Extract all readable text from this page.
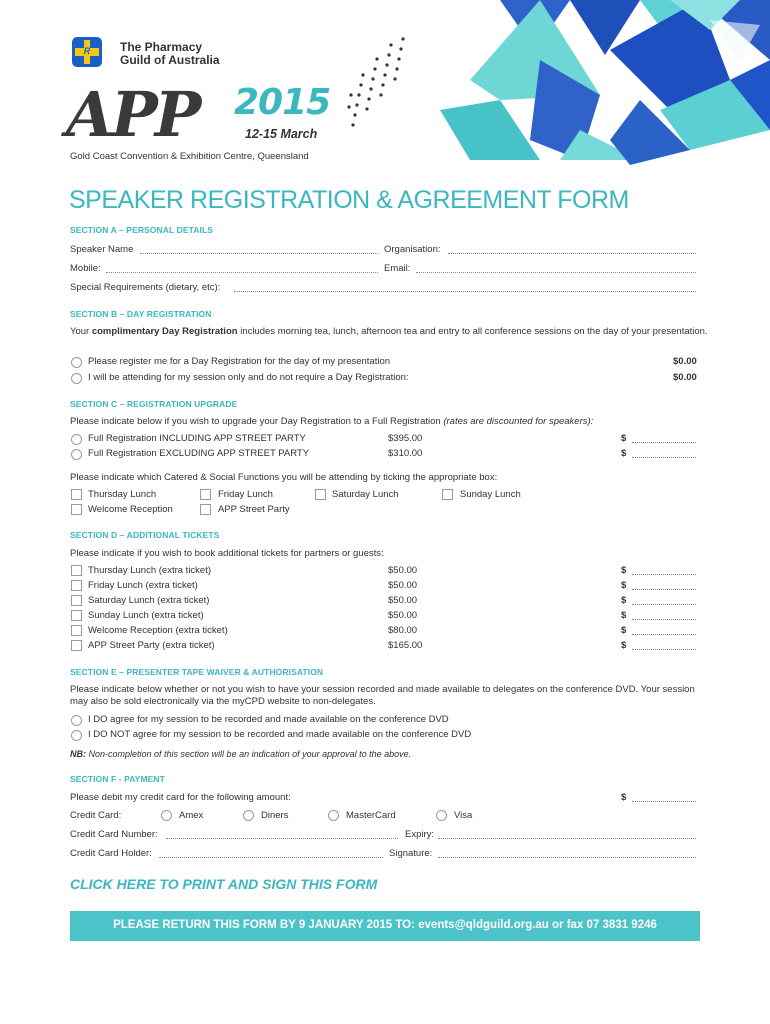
R The Pharmacy
Guild of Australia
APP 2015
12-15 March
Gold Coast Convention & Exhibition Centre, Queensland
SPEAKER REGISTRATION & AGREEMENT FORM
SECTION A – PERSONAL DETAILS
Speaker Name	Organisation:
Mobile:	Email:
Special Requirements (dietary, etc):
SECTION B – DAY REGISTRATION
Your complimentary Day Registration includes morning tea, lunch, afternoon tea and entry to all conference sessions on the day of your presentation.
Please register me for a Day Registration for the day of my presentation	$0.00
I will be attending for my session only and do not require a Day Registration:	$0.00
SECTION C – REGISTRATION UPGRADE
Please indicate below if you wish to upgrade your Day Registration to a Full Registration (rates are discounted for speakers):
Full Registration INCLUDING APP STREET PARTY	$395.00	$
Full Registration EXCLUDING APP STREET PARTY	$310.00	$
Please indicate which Catered & Social Functions you will be attending by ticking the appropriate box:
Thursday Lunch	Friday Lunch	Saturday Lunch	Sunday Lunch
Welcome Reception	APP Street Party
SECTION D – ADDITIONAL TICKETS
Please indicate if you wish to book additional tickets for partners or guests:
Thursday Lunch (extra ticket)	$50.00	$
Friday Lunch (extra ticket)	$50.00	$
Saturday Lunch (extra ticket)	$50.00	$
Sunday Lunch (extra ticket)	$50.00	$
Welcome Reception (extra ticket)	$80.00	$
APP Street Party (extra ticket)	$165.00	$
SECTION E – PRESENTER TAPE WAIVER & AUTHORISATION
Please indicate below whether or not you wish to have your session recorded and made available to delegates on the conference DVD. Your session may also be sold electronically via the myCPD website to non-delegates.
I DO agree for my session to be recorded and made available on the conference DVD
I DO NOT agree for my session to be recorded and made available on the conference DVD
NB: Non-completion of this section will be an indication of your approval to the above.
SECTION F - PAYMENT
Please debit my credit card for the following amount:	$
Credit Card:	Amex	Diners	MasterCard	Visa
Credit Card Number:	Expiry:
Credit Card Holder:	Signature:
CLICK HERE TO PRINT AND SIGN THIS FORM
PLEASE RETURN THIS FORM BY 9 JANUARY 2015 TO: events@qldguild.org.au or fax 07 3831 9246
